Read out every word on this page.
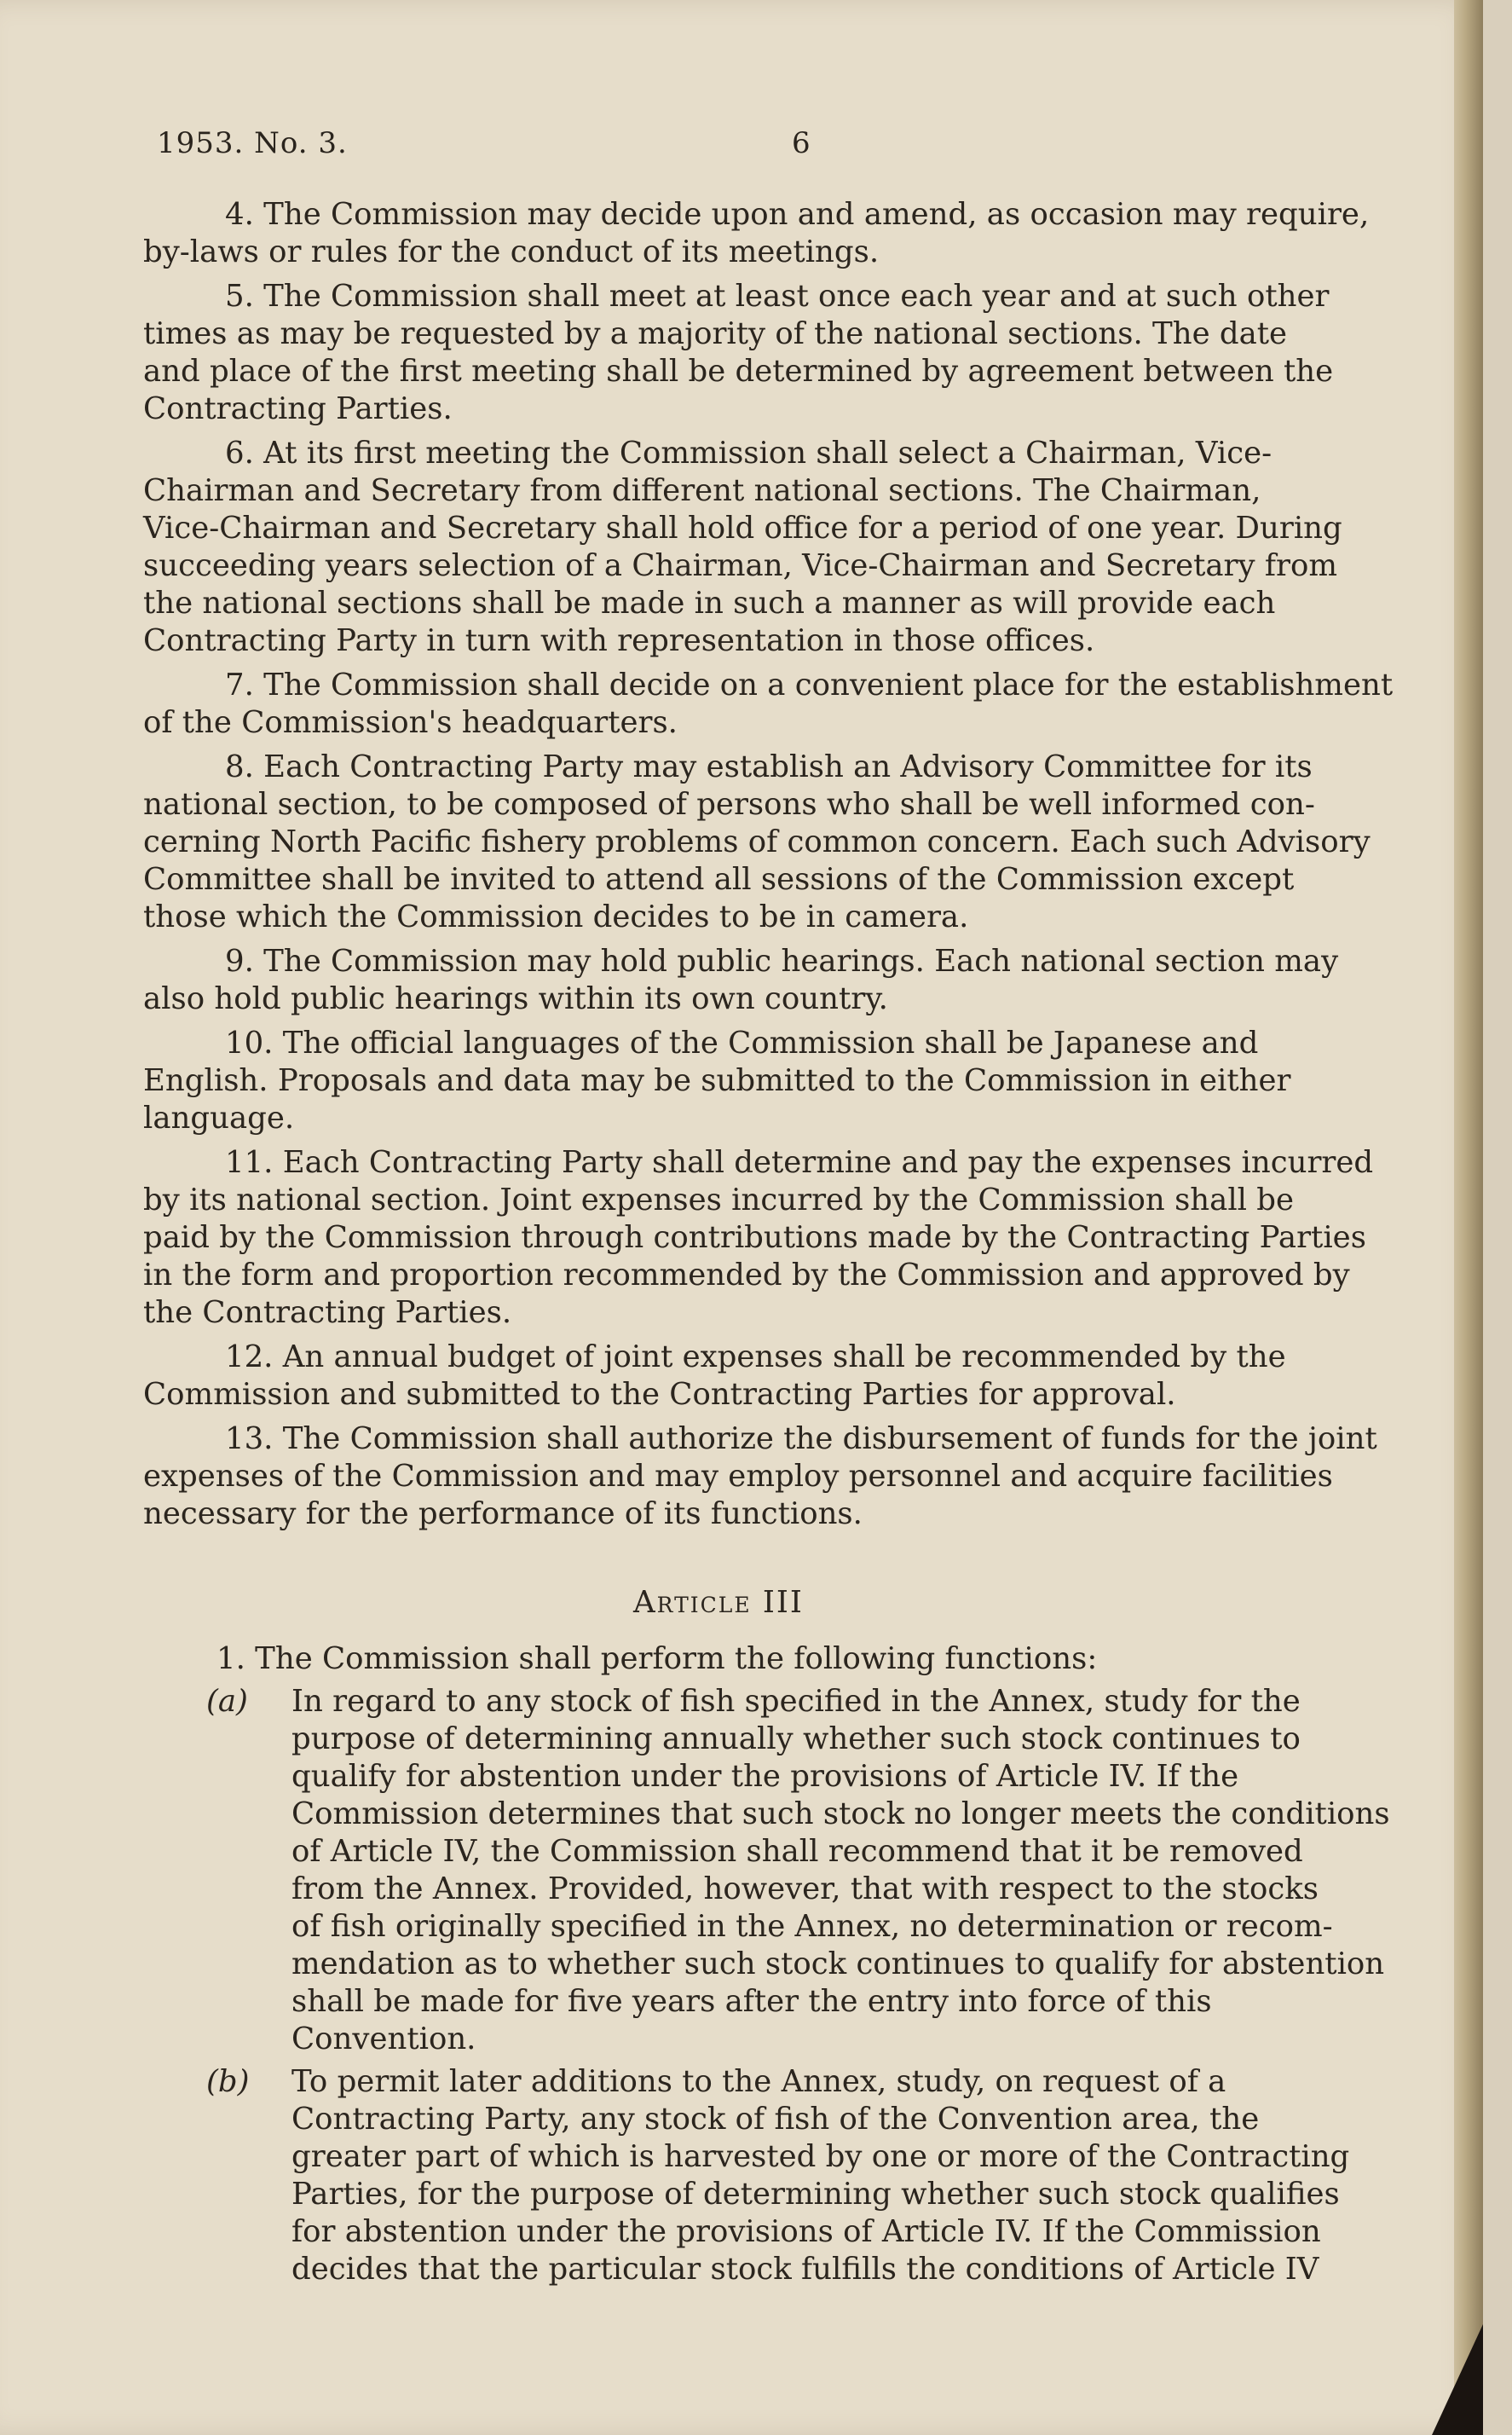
1953. No. 3.	6
4. The Commission may decide upon and amend, as occasion may require,
by-laws or rules for the conduct of its meetings.
5. The Commission shall meet at least once each year and at such other
times as may be requested by a majority of the national sections. The date
and place of the first meeting shall be determined by agreement between the
Contracting Parties.
6. At its first meeting the Commission shall select a Chairman, Vice-
Chairman and Secretary from different national sections. The Chairman,
Vice-Chairman and Secretary shall hold office for a period of one year. During
succeeding years selection of a Chairman, Vice-Chairman and Secretary from
the national sections shall be made in such a manner as will provide each
Contracting Party in turn with representation in those offices.
7. The Commission shall decide on a convenient place for the establishment
of the Commission's headquarters.
8. Each Contracting Party may establish an Advisory Committee for its
national section, to be composed of persons who shall be well informed con-
cerning North Pacific fishery problems of common concern. Each such Advisory
Committee shall be invited to attend all sessions of the Commission except
those which the Commission decides to be in camera.
9. The Commission may hold public hearings. Each national section may
also hold public hearings within its own country.
10. The official languages of the Commission shall be Japanese and
English. Proposals and data may be submitted to the Commission in either
language.
11. Each Contracting Party shall determine and pay the expenses incurred
by its national section. Joint expenses incurred by the Commission shall be
paid by the Commission through contributions made by the Contracting Parties
in the form and proportion recommended by the Commission and approved by
the Contracting Parties.
12. An annual budget of joint expenses shall be recommended by the
Commission and submitted to the Contracting Parties for approval.
13. The Commission shall authorize the disbursement of funds for the joint
expenses of the Commission and may employ personnel and acquire facilities
necessary for the performance of its functions.
Article III
1. The Commission shall perform the following functions:
(a)	In regard to any stock of fish specified in the Annex, study for the
purpose of determining annually whether such stock continues to
qualify for abstention under the provisions of Article IV. If the
Commission determines that such stock no longer meets the conditions
of Article IV, the Commission shall recommend that it be removed
from the Annex. Provided, however, that with respect to the stocks
of fish originally specified in the Annex, no determination or recom-
mendation as to whether such stock continues to qualify for abstention
shall be made for five years after the entry into force of this
Convention.
(b)	To permit later additions to the Annex, study, on request of a
Contracting Party, any stock of fish of the Convention area, the
greater part of which is harvested by one or more of the Contracting
Parties, for the purpose of determining whether such stock qualifies
for abstention under the provisions of Article IV. If the Commission
decides that the particular stock fulfills the conditions of Article IV
